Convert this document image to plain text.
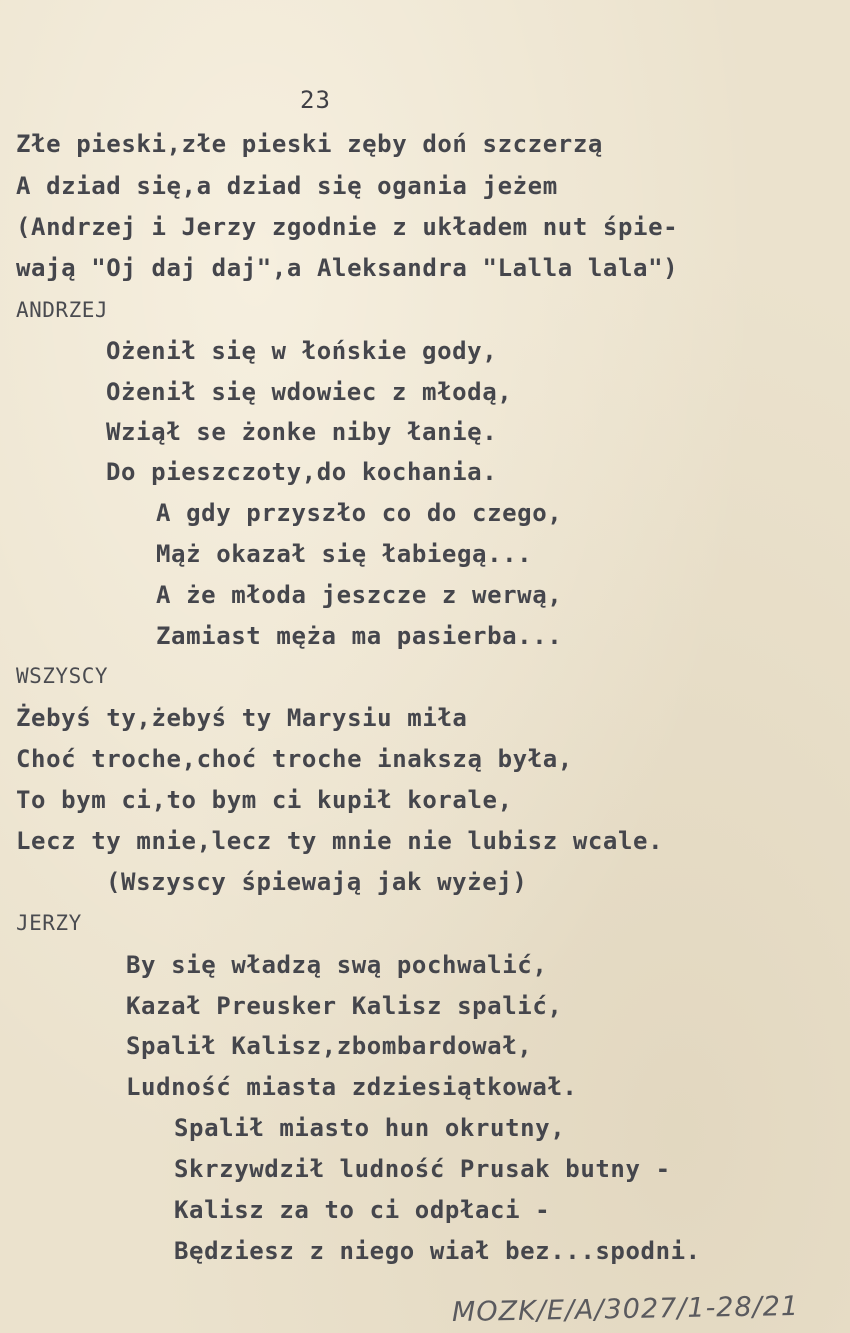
23
Złe pieski,złe pieski zęby doń szczerzą
A dziad się,a dziad się ogania jeżem
(Andrzej i Jerzy zgodnie z układem nut śpie-
wają "Oj daj daj",a Aleksandra "Lalla lala")
ANDRZEJ
Ożenił się w łońskie gody,
Ożenił się wdowiec z młodą,
Wziął se żonke niby łanię.
Do pieszczoty,do kochania.
A gdy przyszło co do czego,
Mąż okazał się łabiegą...
A że młoda jeszcze z werwą,
Zamiast męża ma pasierba...
WSZYSCY
Żebyś ty,żebyś ty Marysiu miła
Choć troche,choć troche inakszą była,
To bym ci,to bym ci kupił korale,
Lecz ty mnie,lecz ty mnie nie lubisz wcale.
(Wszyscy śpiewają jak wyżej)
JERZY
By się władzą swą pochwalić,
Kazał Preusker Kalisz spalić,
Spalił Kalisz,zbombardował,
Ludność miasta zdziesiątkował.
Spalił miasto hun okrutny,
Skrzywdził ludność Prusak butny -
Kalisz za to ci odpłaci -
Będziesz z niego wiał bez...spodni.
MOZK/E/A/3027/1-28/21
